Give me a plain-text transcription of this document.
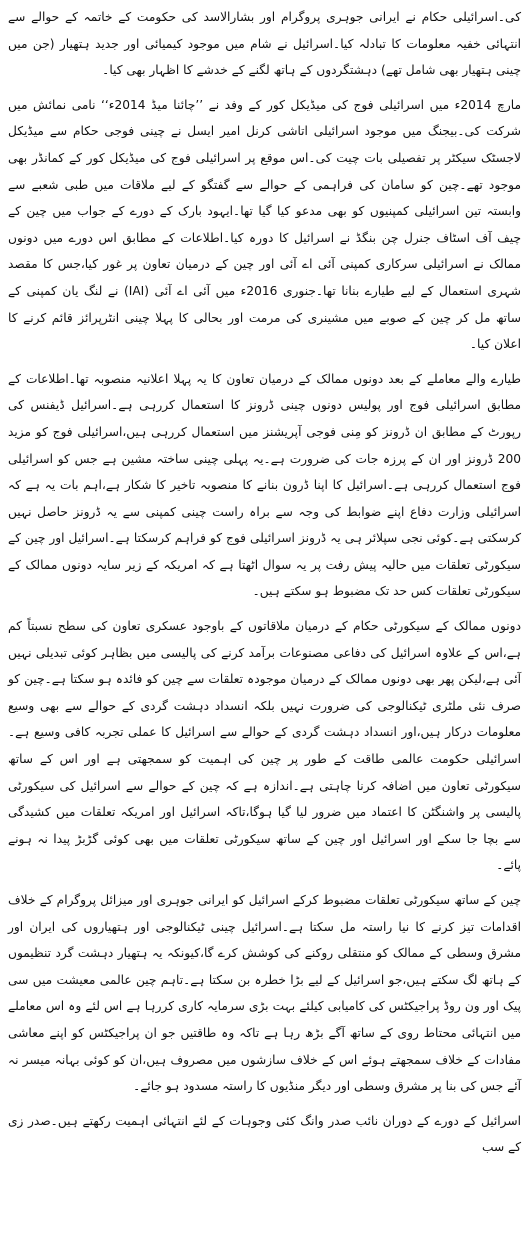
کی۔اسرائیلی حکام نے ایرانی جوہری پروگرام اور بشارالاسد کی حکومت کے خاتمہ کے حوالے سے انتہائی خفیہ معلومات کا تبادلہ کیا۔اسرائیل نے شام میں موجود کیمیائی اور جدید ہتھیار (جن میں چینی ہتھیار بھی شامل تھے) دہشتگردوں کے ہاتھ لگنے کے خدشے کا اظہار بھی کیا۔

مارچ 2014ء میں اسرائیلی فوج کی میڈیکل کور کے وفد نے ’’چائنا میڈ 2014ء‘‘ نامی نمائش میں شرکت کی۔بیجنگ میں موجود اسرائیلی اتاشی کرنل امیر ایسل نے چینی فوجی حکام سے میڈیکل لاجسٹک سیکٹر پر تفصیلی بات چیت کی۔اس موقع پر اسرائیلی فوج کی میڈیکل کور کے کمانڈر بھی موجود تھے۔چین کو سامان کی فراہمی کے حوالے سے گفتگو کے لیے ملاقات میں طبی شعبے سے وابستہ تین اسرائیلی کمپنیوں کو بھی مدعو کیا گیا تھا۔ایہود بارک کے دورے کے جواب میں چین کے چیف آف اسٹاف جنرل چن بنگڈ نے اسرائیل کا دورہ کیا۔اطلاعات کے مطابق اس دورے میں دونوں ممالک نے اسرائیلی سرکاری کمپنی آئی اے آئی اور چین کے درمیان تعاون پر غور کیا،جس کا مقصد شہری استعمال کے لیے طیارے بنانا تھا۔جنوری 2016ء میں آئی اے آئی (IAI) نے لنگ یان کمپنی کے ساتھ مل کر چین کے صوبے میں مشینری کی مرمت اور بحالی کا پہلا چینی انٹرپرائز قائم کرنے کا اعلان کیا۔

طیارے والے معاملے کے بعد دونوں ممالک کے درمیان تعاون کا یہ پہلا اعلانیہ منصوبہ تھا۔اطلاعات کے مطابق اسرائیلی فوج اور پولیس دونوں چینی ڈرونز کا استعمال کررہی ہے۔اسرائیل ڈیفنس کی رپورٹ کے مطابق ان ڈرونز کو مِنی فوجی آپریشنز میں استعمال کررہی ہیں،اسرائیلی فوج کو مزید 200 ڈرونز اور ان کے پرزہ جات کی ضرورت ہے۔یہ پہلی چینی ساختہ مشین ہے جس کو اسرائیلی فوج استعمال کررہی ہے۔اسرائیل کا اپنا ڈرون بنانے کا منصوبہ تاخیر کا شکار ہے،اہم بات یہ ہے کہ اسرائیلی وزارت دفاع اپنے ضوابط کی وجہ سے براہ راست چینی کمپنی سے یہ ڈرونز حاصل نہیں کرسکتی ہے۔کوئی نجی سپلائر ہی یہ ڈرونز اسرائیلی فوج کو فراہم کرسکتا ہے۔اسرائیل اور چین کے سیکورٹی تعلقات میں حالیہ پیش رفت پر یہ سوال اٹھتا ہے کہ امریکہ کے زیر سایہ دونوں ممالک کے سیکورٹی تعلقات کس حد تک مضبوط ہو سکتے ہیں۔

دونوں ممالک کے سیکورٹی حکام کے درمیان ملاقاتوں کے باوجود عسکری تعاون کی سطح نسبتاً کم ہے،اس کے علاوہ اسرائیل کی دفاعی مصنوعات برآمد کرنے کی پالیسی میں بظاہر کوئی تبدیلی نہیں آئی ہے،لیکن پھر بھی دونوں ممالک کے درمیان موجودہ تعلقات سے چین کو فائدہ ہو سکتا ہے۔چین کو صرف نئی ملٹری ٹیکنالوجی کی ضرورت نہیں بلکہ انسداد دہشت گردی کے حوالے سے بھی وسیع معلومات درکار ہیں،اور انسداد دہشت گردی کے حوالے سے اسرائیل کا عملی تجربہ کافی وسیع ہے۔اسرائیلی حکومت عالمی طاقت کے طور پر چین کی اہمیت کو سمجھتی ہے اور اس کے ساتھ سیکورٹی تعاون میں اضافہ کرنا چاہتی ہے۔اندازہ ہے کہ چین کے حوالے سے اسرائیل کی سیکورٹی پالیسی پر واشنگٹن کا اعتماد میں ضرور لیا گیا ہوگا،تاکہ اسرائیل اور امریکہ تعلقات میں کشیدگی سے بچا جا سکے اور اسرائیل اور چین کے ساتھ سیکورٹی تعلقات میں بھی کوئی گڑبڑ پیدا نہ ہونے پائے۔

چین کے ساتھ سیکورٹی تعلقات مضبوط کرکے اسرائیل کو ایرانی جوہری اور میزائل پروگرام کے خلاف اقدامات تیز کرنے کا نیا راستہ مل سکتا ہے۔اسرائیل چینی ٹیکنالوجی اور ہتھیاروں کی ایران اور مشرق وسطی کے ممالک کو منتقلی روکنے کی کوشش کرے گا،کیونکہ یہ ہتھیار دہشت گرد تنظیموں کے ہاتھ لگ سکتے ہیں،جو اسرائیل کے لیے بڑا خطرہ بن سکتا ہے۔تاہم چین عالمی معیشت میں سی پیک اور ون روڈ پراجیکٹس کی کامیابی کیلئے بہت بڑی سرمایہ کاری کررہا ہے اس لئے وہ اس معاملے میں انتہائی محتاط روی کے ساتھ آگے بڑھ رہا ہے تاکہ وہ طاقتیں جو ان پراجیکٹس کو اپنے معاشی مفادات کے خلاف سمجھتے ہوئے اس کے خلاف سازشوں میں مصروف ہیں،ان کو کوئی بہانہ میسر نہ آئے جس کی بنا پر مشرق وسطی اور دیگر منڈیوں کا راستہ مسدود ہو جائے۔

اسرائیل کے دورے کے دوران نائب صدر وانگ کئی وجوہات کے لئے انتہائی اہمیت رکھتے ہیں۔صدر زی کے سب
